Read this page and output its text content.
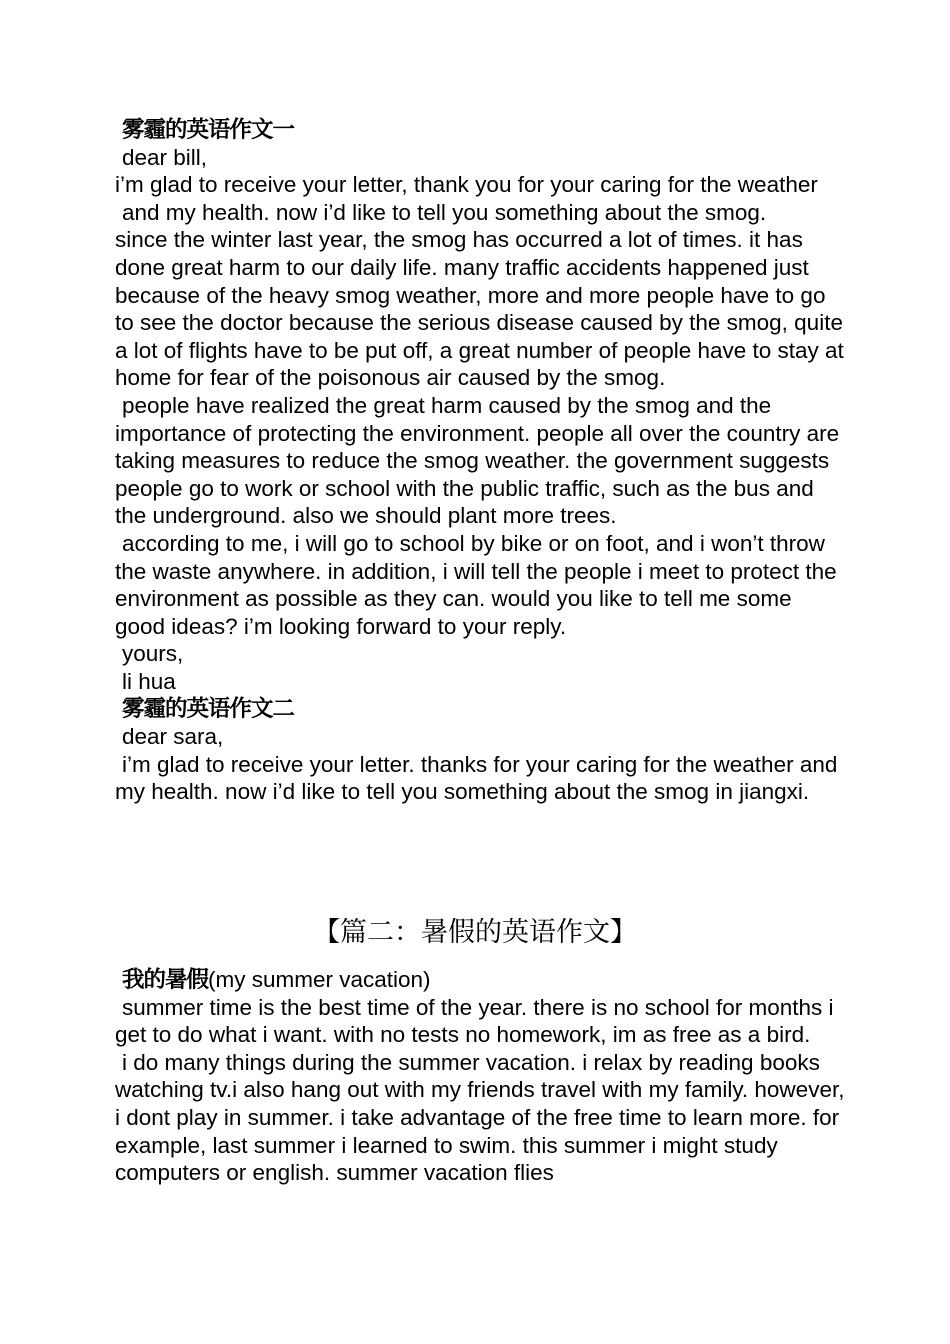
雾霾的英语作文一

dear bill,

i’m glad to receive your letter, thank you for your caring for the weather and my health. now i’d like to tell you something about the smog.

since the winter last year, the smog has occurred a lot of times. it has done great harm to our daily life. many traffic accidents happened just because of the heavy smog weather, more and more people have to go to see the doctor because the serious disease caused by the smog, quite a lot of flights have to be put off, a great number of people have to stay at home for fear of the poisonous air caused by the smog.

people have realized the great harm caused by the smog and the importance of protecting the environment. people all over the country are taking measures to reduce the smog weather. the government suggests people go to work or school with the public traffic, such as the bus and the underground. also we should plant more trees.

according to me, i will go to school by bike or on foot, and i won’t throw the waste anywhere. in addition, i will tell the people i meet to protect the environment as possible as they can. would you like to tell me some good ideas? i’m looking forward to your reply.

yours,

li hua

雾霾的英语作文二

dear sara,

i’m glad to receive your letter. thanks for your caring for the weather and my health. now i’d like to tell you something about the smog in jiangxi.

【篇二：暑假的英语作文】

我的暑假(my summer vacation)

summer time is the best time of the year. there is no school for months i get to do what i want. with no tests no homework, im as free as a bird.

i do many things during the summer vacation. i relax by reading books watching tv.i also hang out with my friends travel with my family. however, i dont play in summer. i take advantage of the free time to learn more. for example, last summer i learned to swim. this summer i might study computers or english. summer vacation flies
